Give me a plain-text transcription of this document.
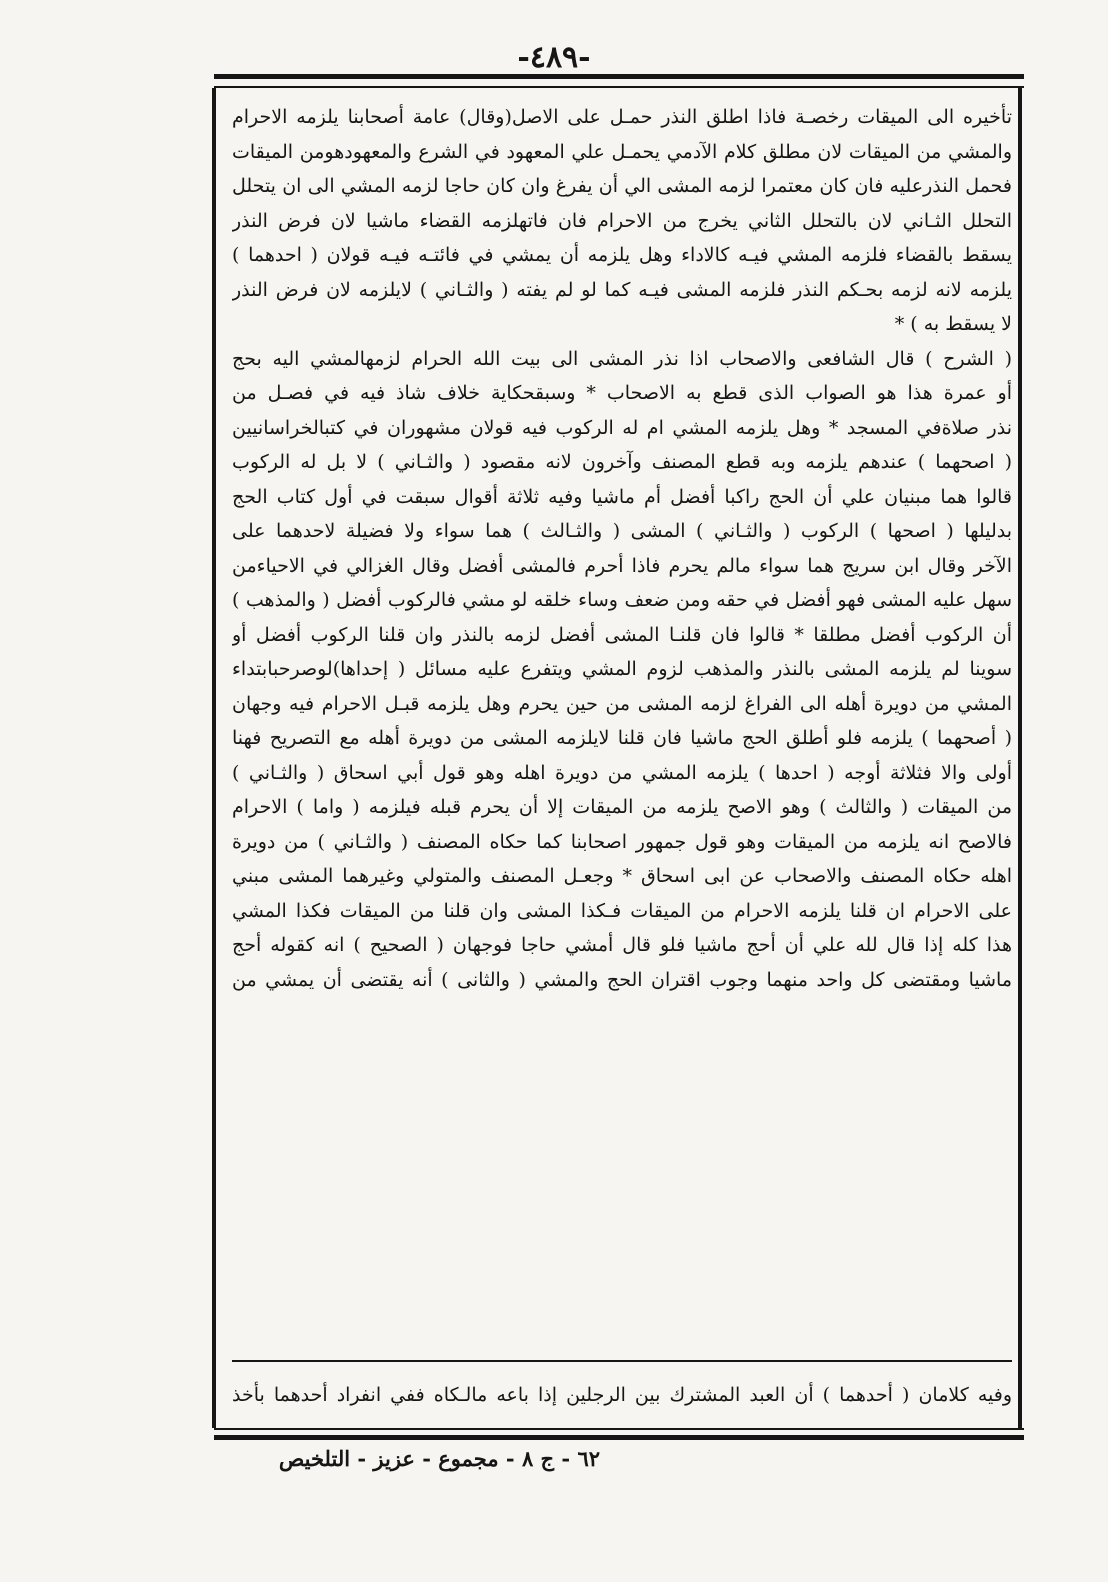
-٤٨٩-
تأخيره الى الميقات رخصـة فاذا اطلق النذر حمـل على الاصل(وقال) عامة أصحابنا يلزمه الاحرام
والمشي من الميقات لان مطلق كلام الآدمي يحمـل علي المعهود في الشرع والمعهودهومن الميقات
فحمل النذرعليه فان كان معتمرا لزمه المشى الي أن يفرغ وان كان حاجا لزمه المشي الى ان يتحلل
التحلل الثـاني لان بالتحلل الثاني يخرج من الاحرام فان فاتهلزمه القضاء ماشيا لان فرض النذر
يسقط بالقضاء فلزمه المشي فيـه كالاداء وهل يلزمه أن يمشي في فائتـه فيـه قولان ( احدهما )
يلزمه لانه لزمه بحـكم النذر فلزمه المشى فيـه كما لو لم يفته ( والثـاني ) لايلزمه لان فرض النذر
لا يسقط به ) *
( الشرح ) قال الشافعى والاصحاب اذا نذر المشى الى بيت الله الحرام لزمهالمشي اليه بحج
أو عمرة هذا هو الصواب الذى قطع به الاصحاب * وسبقحكاية خلاف شاذ فيه في فصـل من
نذر صلاةفي المسجد * وهل يلزمه المشي ام له الركوب فيه قولان مشهوران في كتبالخراسانيين
( اصحهما ) عندهم يلزمه وبه قطع المصنف وآخرون لانه مقصود ( والثـاني ) لا بل له الركوب
قالوا هما مبنيان علي أن الحج راكبا أفضل أم ماشيا وفيه ثلاثة أقوال سبقت في أول كتاب الحج
بدليلها ( اصحها ) الركوب ( والثـاني ) المشى ( والثـالث ) هما سواء ولا فضيلة لاحدهما على
الآخر وقال ابن سريج هما سواء مالم يحرم فاذا أحرم فالمشى أفضل وقال الغزالي في الاحياءمن
سهل عليه المشى فهو أفضل في حقه ومن ضعف وساء خلقه لو مشي فالركوب أفضل ( والمذهب )
أن الركوب أفضل مطلقا * قالوا فان قلنـا المشى أفضل لزمه بالنذر وان قلنا الركوب أفضل أو
سوينا لم يلزمه المشى بالنذر والمذهب لزوم المشي ويتفرع عليه مسائل ( إحداها)لوصرحبابتداء
المشي من دويرة أهله الى الفراغ لزمه المشى من حين يحرم وهل يلزمه قبـل الاحرام فيه وجهان
( أصحهما ) يلزمه فلو أطلق الحج ماشيا فان قلنا لايلزمه المشى من دويرة أهله مع التصريح فهنا
أولى والا فثلاثة أوجه ( احدها ) يلزمه المشي من دويرة اهله وهو قول أبي اسحاق ( والثـاني )
من الميقات ( والثالث ) وهو الاصح يلزمه من الميقات إلا أن يحرم قبله فيلزمه ( واما ) الاحرام
فالاصح انه يلزمه من الميقات وهو قول جمهور اصحابنا كما حكاه المصنف ( والثـاني ) من دويرة
اهله حكاه المصنف والاصحاب عن ابى اسحاق * وجعـل المصنف والمتولي وغيرهما المشى مبني
على الاحرام ان قلنا يلزمه الاحرام من الميقات فـكذا المشى وان قلنا من الميقات فكذا المشي
هذا كله إذا قال لله علي أن أحج ماشيا فلو قال أمشي حاجا فوجهان ( الصحيح ) انه كقوله أحج
ماشيا ومقتضى كل واحد منهما وجوب اقتران الحج والمشي ( والثانى ) أنه يقتضى أن يمشي من
وفيه كلامان ( أحدهما ) أن العبد المشترك بين الرجلين إذا باعه مالـكاه ففي انفراد أحدهما بأخذ
٦٢ - ج ٨ - مجموع - عزيز - التلخيص
